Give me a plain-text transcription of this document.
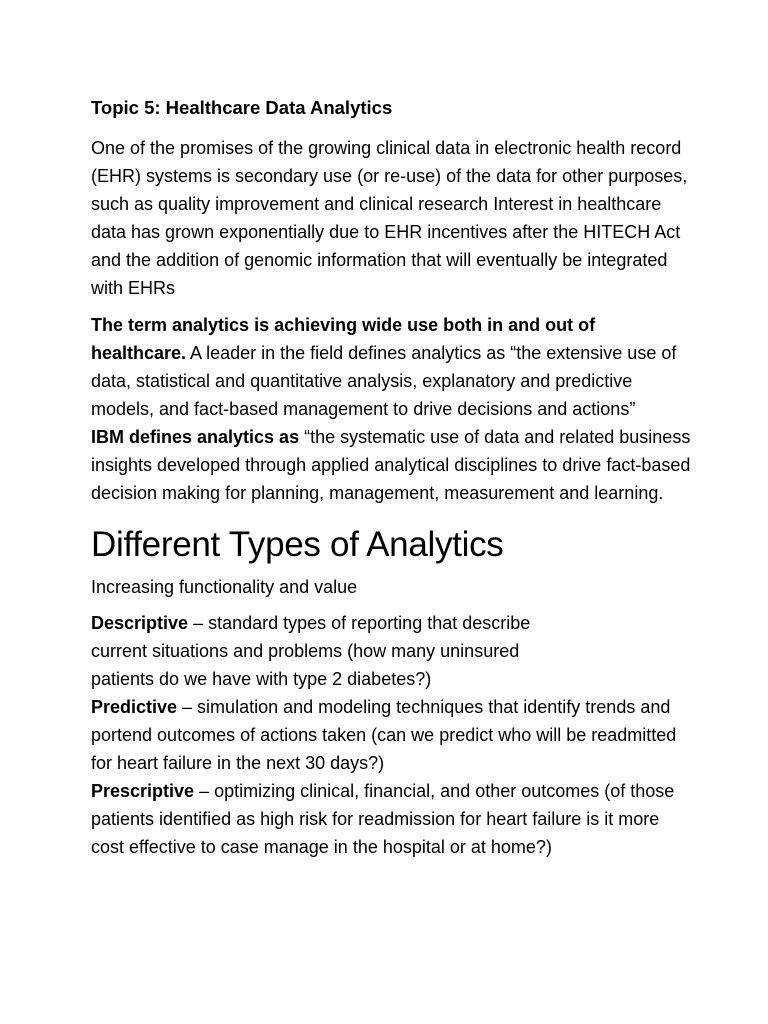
Topic 5: Healthcare Data Analytics

One of the promises of the growing clinical data in electronic health record (EHR) systems is secondary use (or re-use) of the data for other purposes, such as quality improvement and clinical research Interest in healthcare data has grown exponentially due to EHR incentives after the HITECH Act and the addition of genomic information that will eventually be integrated with EHRs

The term analytics is achieving wide use both in and out of healthcare. A leader in the field defines analytics as “the extensive use of data, statistical and quantitative analysis, explanatory and predictive models, and fact-based management to drive decisions and actions”

IBM defines analytics as “the systematic use of data and related business insights developed through applied analytical disciplines to drive fact-based decision making for planning, management, measurement and learning.

Different Types of Analytics
Increasing functionality and value

Descriptive – standard types of reporting that describe current situations and problems (how many uninsured patients do we have with type 2 diabetes?)

Predictive – simulation and modeling techniques that identify trends and portend outcomes of actions taken (can we predict who will be readmitted for heart failure in the next 30 days?)

Prescriptive – optimizing clinical, financial, and other outcomes (of those patients identified as high risk for readmission for heart failure is it more cost effective to case manage in the hospital or at home?)
